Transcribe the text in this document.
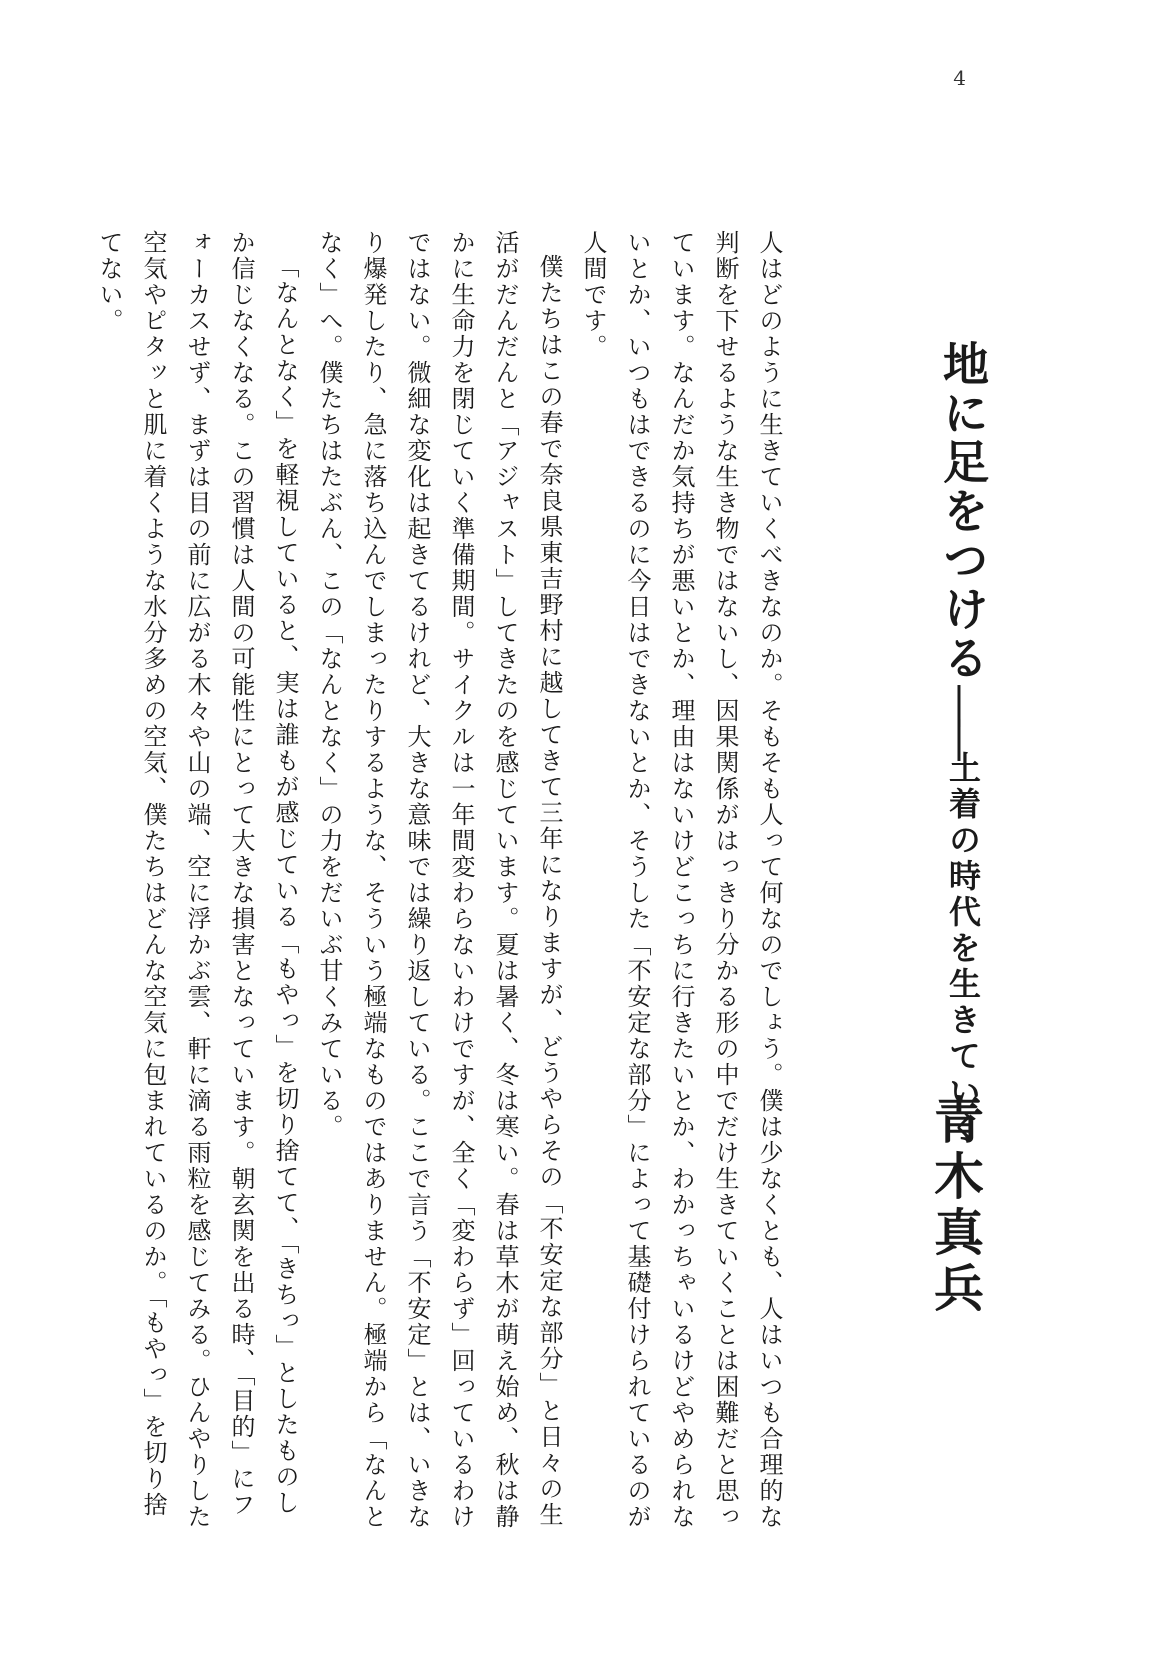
4
地に足をつける——土着の時代を生きていく
青木真兵

人はどのように生きていくべきなのか。そもそも人って何なのでしょう。僕は少なくとも、人はいつも合理的な判断を下せるような生き物ではないし、因果関係がはっきり分かる形の中でだけ生きていくことは困難だと思っています。なんだか気持ちが悪いとか、理由はないけどこっちに行きたいとか、わかっちゃいるけどやめられないとか、いつもはできるのに今日はできないとか、そうした「不安定な部分」によって基礎付けられているのが人間です。

僕たちはこの春で奈良県東吉野村に越してきて三年になりますが、どうやらその「不安定な部分」と日々の生活がだんだんと「アジャスト」してきたのを感じています。夏は暑く、冬は寒い。春は草木が萌え始め、秋は静かに生命力を閉じていく準備期間。サイクルは一年間変わらないわけですが、全く「変わらず」回っているわけではない。微細な変化は起きてるけれど、大きな意味では繰り返している。ここで言う「不安定」とは、いきなり爆発したり、急に落ち込んでしまったりするような、そういう極端なものではありません。極端から「なんとなく」へ。僕たちはたぶん、この「なんとなく」の力をだいぶ甘くみている。

「なんとなく」を軽視していると、実は誰もが感じている「もやっ」を切り捨てて、「きちっ」としたものしか信じなくなる。この習慣は人間の可能性にとって大きな損害となっています。朝玄関を出る時、「目的」にフォーカスせず、まずは目の前に広がる木々や山の端、空に浮かぶ雲、軒に滴る雨粒を感じてみる。ひんやりした空気やピタッと肌に着くような水分多めの空気、僕たちはどんな空気に包まれているのか。「もやっ」を切り捨てない。
